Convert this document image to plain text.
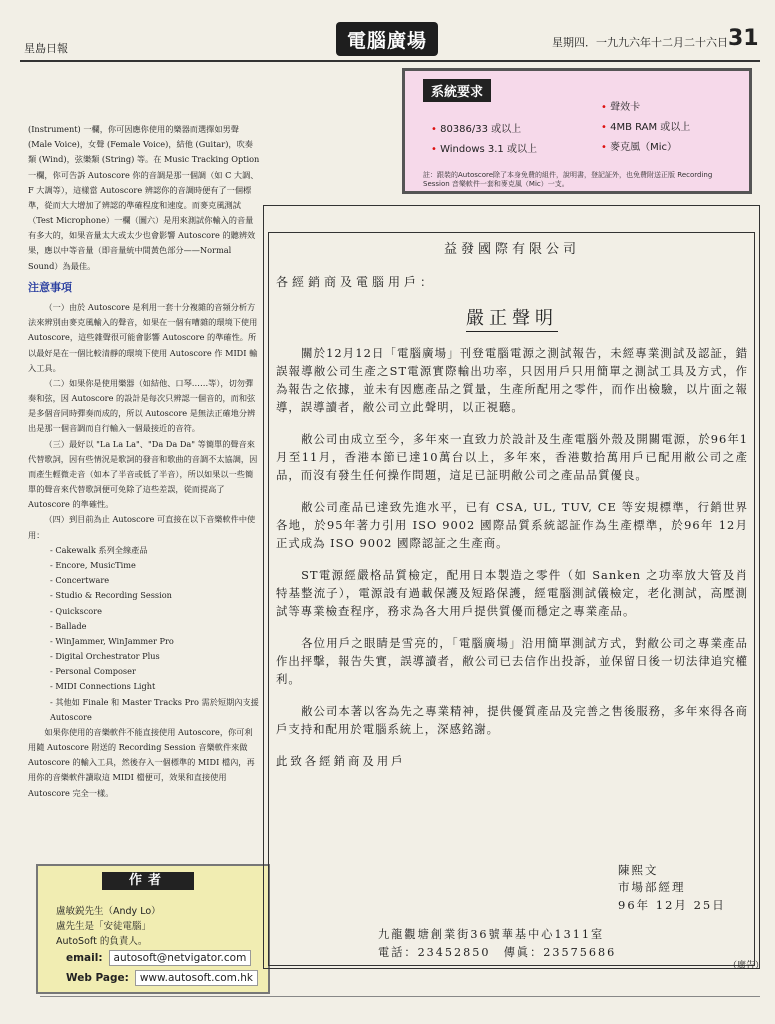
星島日報	電腦廣場	星期四．一九九六年十二月二十六日 31
系統要求
• 80386/33 或以上
• Windows 3.1 或以上
• 聲效卡
• 4MB RAM 或以上
• 麥克風（Mic）
註：跟裝的Autoscore除了本身免費的組件，說明書，登記証外，也免費附送正版 Recording Session 音樂軟件一套和麥克風（Mic）一支。

(Instrument) 一欄，你可因應你使用的樂器而選擇如男聲 (Male Voice)，女聲 (Female Voice)，結他 (Guitar)，吹奏類 (Wind)，弦樂類 (String) 等。在 Music Tracking Option 一欄，你可告訴 Autoscore 你的音調是那一個調（如 C 大調、F 大調等），這樣當 Autoscore 辨認你的音調時便有了一個標準，從而大大增加了辨認的準確程度和速度。而麥克風測試（Test Microphone）一欄（圖六）是用來測試你輸入的音量有多大的，如果音量太大或太少也會影響 Autoscore 的聽辨效果，應以中等音量（即音量統中間黃色部分——Normal Sound）為最佳。

注意事項

（一）由於 Autoscore 是利用一套十分複雜的音頻分析方法來辨別由麥克風輸入的聲音，如果在一個有嘈雜的環境下使用 Autoscore，這些雜聲很可能會影響 Autoscore 的準確性。所以最好是在一個比較清靜的環境下使用 Autoscore 作 MIDI 輸入工具。

（二）如果你是使用樂器（如結他、口琴……等），切勿彈奏和弦，因 Autoscore 的設計是每次只辨認一個音的，而和弦是多個音同時彈奏而成的，所以 Autoscore 是無法正確地分辨出是那一個音調而自行輸入一個最接近的音符。

（三）最好以 "La La La"、"Da Da Da" 等簡單的聲音來代替歌詞，因有些情況是歌詞的發音和歌曲的音調不太協調，因而產生輕微走音（如本了半音或低了半音），所以如果以一些簡單的聲音來代替歌詞便可免除了這些差誤，從而提高了 Autoscore 的準確性。

（四）到目前為止 Autoscore 可直接在以下音樂軟件中使用：

- Cakewalk 系列全線產品
- Encore, MusicTime
- Concertware
- Studio & Recording Session
- Quickscore
- Ballade
- WinJammer, WinJammer Pro
- Digital Orchestrator Plus
- Personal Composer
- MIDI Connections Light
- 其他如 Finale 和 Master Tracks Pro 需於短期內支援 Autoscore

如果你使用的音樂軟件不能直接使用 Autoscore，你可利用隨 Autoscore 附送的 Recording Session 音樂軟件來做 Autoscore 的輸入工具，然後存入一個標準的 MIDI 檔內，再用你的音樂軟件讀取這 MIDI 檔便可，效果和直接使用 Autoscore 完全一樣。

作者
盧敏鋭先生（Andy Lo）
盧先生是「安徒電腦」
AutoSoft 的負責人。
email: autosoft@netvigator.com
Web Page: www.autosoft.com.hk

益發國際有限公司

各經銷商及電腦用戶：

嚴正聲明

關於12月12日「電腦廣場」刊登電腦電源之測試報告，未經專業測試及認証，錯誤報導敝公司生產之ST電源實際輸出功率，只因用戶只用簡單之測試工具及方式，作為報告之依據，並未有因應產品之質量，生產所配用之零件，而作出檢驗，以片面之報導，誤導讀者，敝公司立此聲明，以正視聽。

敝公司由成立至今，多年來一直致力於設計及生產電腦外殼及開關電源，於96年1月至11月，香港本節已達10萬台以上，多年來，香港數拾萬用戶已配用敝公司之產品，而沒有發生任何操作問題，這足已証明敝公司之產品品質優良。

敝公司產品已達致先進水平，已有 CSA, UL, TUV, CE 等安規標準，行銷世界各地，於95年著力引用 ISO 9002 國際品質系統認証作為生產標準，於96年 12月正式成為 ISO 9002 國際認証之生產商。

ST電源經嚴格品質檢定，配用日本製造之零件（如 Sanken 之功率放大管及肖特基整流子），電源設有過載保護及短路保護，經電腦測試儀檢定，老化測試，高壓測試等專業檢查程序，務求為各大用戶提供質優而穩定之專業產品。

各位用戶之眼睛是雪亮的，「電腦廣場」沿用簡單測試方式，對敝公司之專業產品作出抨擊，報告失實，誤導讀者，敝公司已去信作出投訴，並保留日後一切法律追究權利。

敝公司本著以客為先之專業精神，提供優質產品及完善之售後服務，多年來得各商戶支持和配用於電腦系統上，深感銘謝。

此致各經銷商及用戶

陳熙文
市場部經理
96年 12月 25日
九龍觀塘創業街36號華基中心1311室
電話：23452850　傳眞：23575686
（廣告）
